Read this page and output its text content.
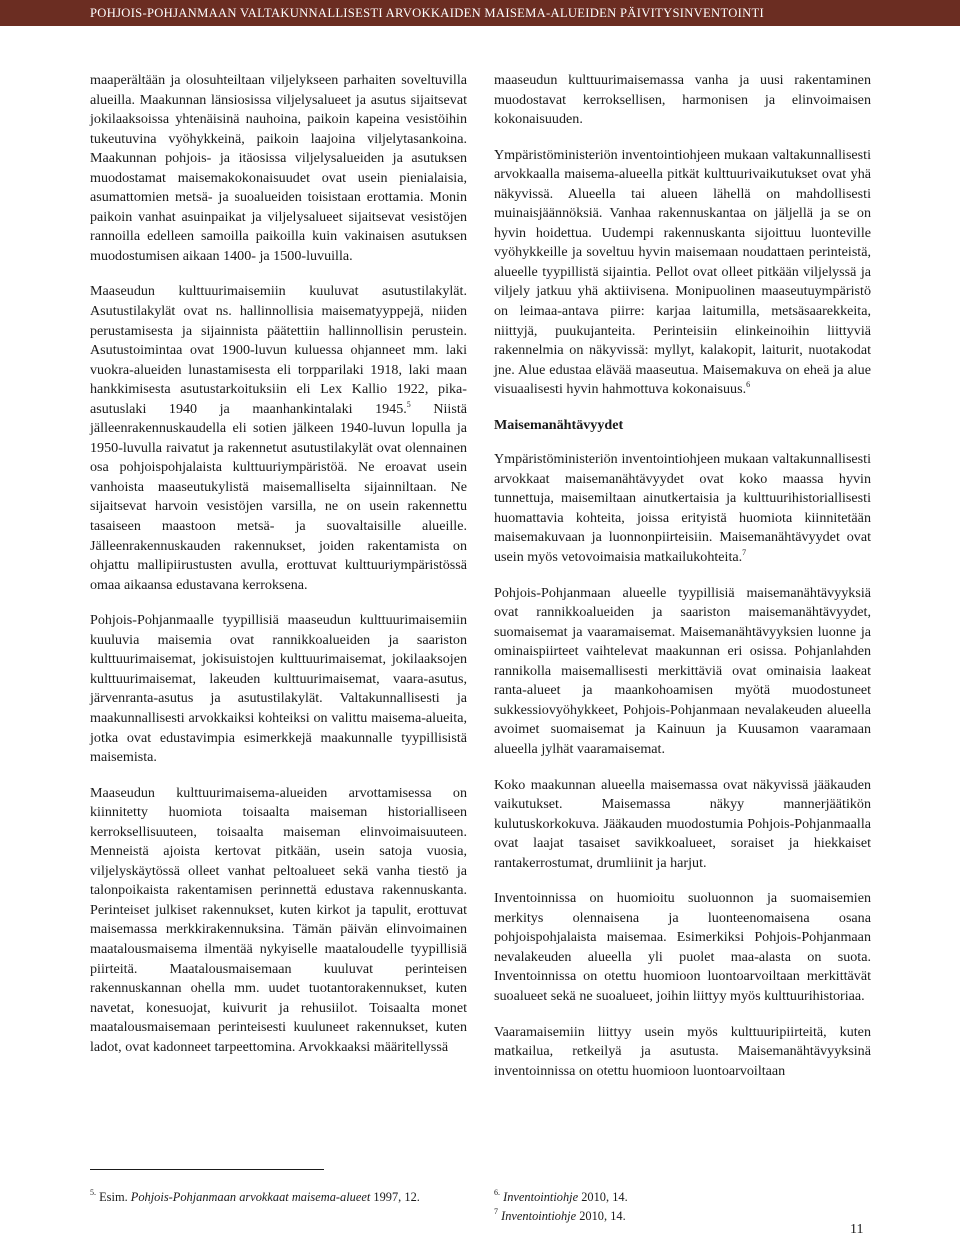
POHJOIS-POHJANMAAN VALTAKUNNALLISESTI ARVOKKAIDEN MAISEMA-ALUEIDEN PÄIVITYSINVENTOINTI

maaperältään ja olosuhteiltaan viljelykseen parhaiten soveltuvilla alueilla. Maakunnan länsiosissa viljelysalueet ja asutus sijaitsevat jokilaaksoissa yhtenäisinä nauhoina, paikoin kapeina vesistöihin tukeutuvina vyöhykkeinä, paikoin laajoina viljelytasankoina. Maakunnan pohjois- ja itäosissa viljelysalueiden ja asutuksen muodostamat maisemakokonaisuudet ovat usein pienialaisia, asumattomien metsä- ja suoalueiden toisistaan erottamia. Monin paikoin vanhat asuinpaikat ja viljelysalueet sijaitsevat vesistöjen rannoilla edelleen samoilla paikoilla kuin vakinaisen asutuksen muodostumisen aikaan 1400- ja 1500-luvuilla.

Maaseudun kulttuurimaisemiin kuuluvat asutustilakylät. Asutustilakylät ovat ns. hallinnollisia maisematyyppejä, niiden perustamisesta ja sijainnista päätettiin hallinnollisin perustein. Asutustoimintaa ovat 1900-luvun kuluessa ohjanneet mm. laki vuokra-alueiden lunastamisesta eli torpparilaki 1918, laki maan hankkimisesta asutustarkoituksiin eli Lex Kallio 1922, pika-asutuslaki 1940 ja maanhankintalaki 1945.$^5$ Niistä jälleenrakennuskaudella eli sotien jälkeen 1940-luvun lopulla ja 1950-luvulla raivatut ja rakennetut asutustilakylät ovat olennainen osa pohjoispohjalaista kulttuuriympäristöä. Ne eroavat usein vanhoista maaseutukylistä maisemalliselta sijainniltaan. Ne sijaitsevat harvoin vesistöjen varsilla, ne on usein rakennettu tasaiseen maastoon metsä- ja suovaltaisille alueille. Jälleenrakennuskauden rakennukset, joiden rakentamista on ohjattu mallipiirustusten avulla, erottuvat kulttuuriympäristössä omaa aikaansa edustavana kerroksena.

Pohjois-Pohjanmaalle tyypillisiä maaseudun kulttuurimaisemiin kuuluvia maisemia ovat rannikkoalueiden ja saariston kulttuurimaisemat, jokisuistojen kulttuurimaisemat, jokilaaksojen kulttuurimaisemat, lakeuden kulttuurimaisemat, vaara-asutus, järvenranta-asutus ja asutustilakylät. Valtakunnallisesti ja maakunnallisesti arvokkaiksi kohteiksi on valittu maisema-alueita, jotka ovat edustavimpia esimerkkejä maakunnalle tyypillisistä maisemista.

Maaseudun kulttuurimaisema-alueiden arvottamisessa on kiinnitetty huomiota toisaalta maiseman historialliseen kerroksellisuuteen, toisaalta maiseman elinvoimaisuuteen. Menneistä ajoista kertovat pitkään, usein satoja vuosia, viljelyskäytössä olleet vanhat peltoalueet sekä vanha tiestö ja talonpoikaista rakentamisen perinnettä edustava rakennuskanta. Perinteiset julkiset rakennukset, kuten kirkot ja tapulit, erottuvat maisemassa merkkirakennuksina. Tämän päivän elinvoimainen maatalousmaisema ilmentää nykyiselle maataloudelle tyypillisiä piirteitä. Maatalousmaisemaan kuuluvat perinteisen rakennuskannan ohella mm. uudet tuotantorakennukset, kuten navetat, konesuojat, kuivurit ja rehusiilot. Toisaalta monet maatalousmaisemaan perinteisesti kuuluneet rakennukset, kuten ladot, ovat kadonneet tarpeettomina. Arvokkaaksi määritellyssä

maaseudun kulttuurimaisemassa vanha ja uusi rakentaminen muodostavat kerroksellisen, harmonisen ja elinvoimaisen kokonaisuuden.

Ympäristöministeriön inventointiohjeen mukaan valtakunnallisesti arvokkaalla maisema-alueella pitkät kulttuurivaikutukset ovat yhä näkyvissä. Alueella tai alueen lähellä on mahdollisesti muinaisjäännöksiä. Vanhaa rakennuskantaa on jäljellä ja se on hyvin hoidettua. Uudempi rakennuskanta sijoittuu luonteville vyöhykkeille ja soveltuu hyvin maisemaan noudattaen perinteistä, alueelle tyypillistä sijaintia. Pellot ovat olleet pitkään viljelyssä ja viljely jatkuu yhä aktiivisena. Monipuolinen maaseutuympäristö on leimaa-antava piirre: karjaa laitumilla, metsäsaarekkeita, niittyjä, puukujanteita. Perinteisiin elinkeinoihin liittyviä rakennelmia on näkyvissä: myllyt, kalakopit, laiturit, nuotakodat jne. Alue edustaa elävää maaseutua. Maisemakuva on eheä ja alue visuaalisesti hyvin hahmottuva kokonaisuus.$^6$

Maisemanähtävyydet

Ympäristöministeriön inventointiohjeen mukaan valtakunnallisesti arvokkaat maisemanähtävyydet ovat koko maassa hyvin tunnettuja, maisemiltaan ainutkertaisia ja kulttuurihistoriallisesti huomattavia kohteita, joissa erityistä huomiota kiinnitetään maisemakuvaan ja luonnonpiirteisiin. Maisemanähtävyydet ovat usein myös vetovoimaisia matkailukohteita.$^7$

Pohjois-Pohjanmaan alueelle tyypillisiä maisemanähtävyyksiä ovat rannikkoalueiden ja saariston maisemanähtävyydet, suomaisemat ja vaaramaisemat. Maisemanähtävyyksien luonne ja ominaispiirteet vaihtelevat maakunnan eri osissa. Pohjanlahden rannikolla maisemallisesti merkittäviä ovat ominaisia laakeat ranta-alueet ja maankohoamisen myötä muodostuneet sukkessiovyöhykkeet, Pohjois-Pohjanmaan nevalakeuden alueella avoimet suomaisemat ja Kainuun ja Kuusamon vaaramaan alueella jylhät vaaramaisemat.

Koko maakunnan alueella maisemassa ovat näkyvissä jääkauden vaikutukset. Maisemassa näkyy mannerjäätikön kulutuskorkokuva. Jääkauden muodostumia Pohjois-Pohjanmaalla ovat laajat tasaiset savikkoalueet, soraiset ja hiekkaiset rantakerrostumat, drumliinit ja harjut.

Inventoinnissa on huomioitu suoluonnon ja suomaisemien merkitys olennaisena ja luonteenomaisena osana pohjoispohjalaista maisemaa. Esimerkiksi Pohjois-Pohjanmaan nevalakeuden alueella yli puolet maa-alasta on suota. Inventoinnissa on otettu huomioon luontoarvoiltaan merkittävät suoalueet sekä ne suoalueet, joihin liittyy myös kulttuurihistoriaa.

Vaaramaisemiin liittyy usein myös kulttuuripiirteitä, kuten matkailua, retkeilyä ja asutusta. Maisemanähtävyyksinä inventoinnissa on otettu huomioon luontoarvoiltaan

$^{5.}$ Esim. Pohjois-Pohjanmaan arvokkaat maisema-alueet 1997, 12.	$^{6.}$ Inventointiohje 2010, 14.
$^7$ Inventointiohje 2010, 14.
11
